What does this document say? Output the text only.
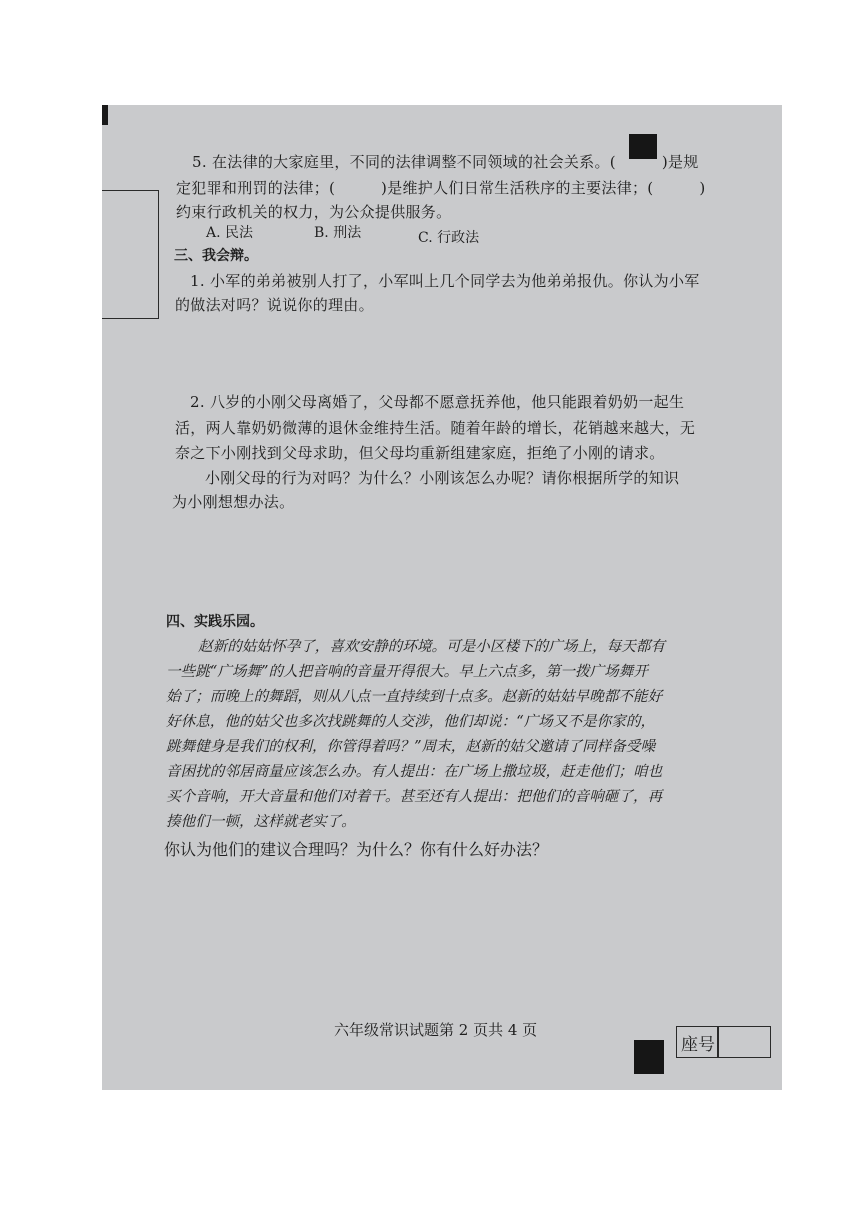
5. 在法律的大家庭里，不同的法律调整不同领域的社会关系。(　　　)是规
定犯罪和刑罚的法律；(　　　)是维护人们日常生活秩序的主要法律；(　　　)
约束行政机关的权力，为公众提供服务。
A. 民法	B. 刑法	C. 行政法
三、我会辩。
1. 小军的弟弟被别人打了，小军叫上几个同学去为他弟弟报仇。你认为小军
的做法对吗？说说你的理由。
2. 八岁的小刚父母离婚了，父母都不愿意抚养他，他只能跟着奶奶一起生
活，两人靠奶奶微薄的退休金维持生活。随着年龄的增长，花销越来越大，无
奈之下小刚找到父母求助，但父母均重新组建家庭，拒绝了小刚的请求。
小刚父母的行为对吗？为什么？小刚该怎么办呢？请你根据所学的知识
为小刚想想办法。
四、实践乐园。
赵新的姑姑怀孕了，喜欢安静的环境。可是小区楼下的广场上，每天都有
一些跳“广场舞”的人把音响的音量开得很大。早上六点多，第一拨广场舞开
始了；而晚上的舞蹈，则从八点一直持续到十点多。赵新的姑姑早晚都不能好
好休息，他的姑父也多次找跳舞的人交涉，他们却说：“广场又不是你家的，
跳舞健身是我们的权利，你管得着吗？”周末，赵新的姑父邀请了同样备受噪
音困扰的邻居商量应该怎么办。有人提出：在广场上撒垃圾，赶走他们；咱也
买个音响，开大音量和他们对着干。甚至还有人提出：把他们的音响砸了，再
揍他们一顿，这样就老实了。
你认为他们的建议合理吗？为什么？你有什么好办法？
六年级常识试题第 2 页共 4 页
座号
